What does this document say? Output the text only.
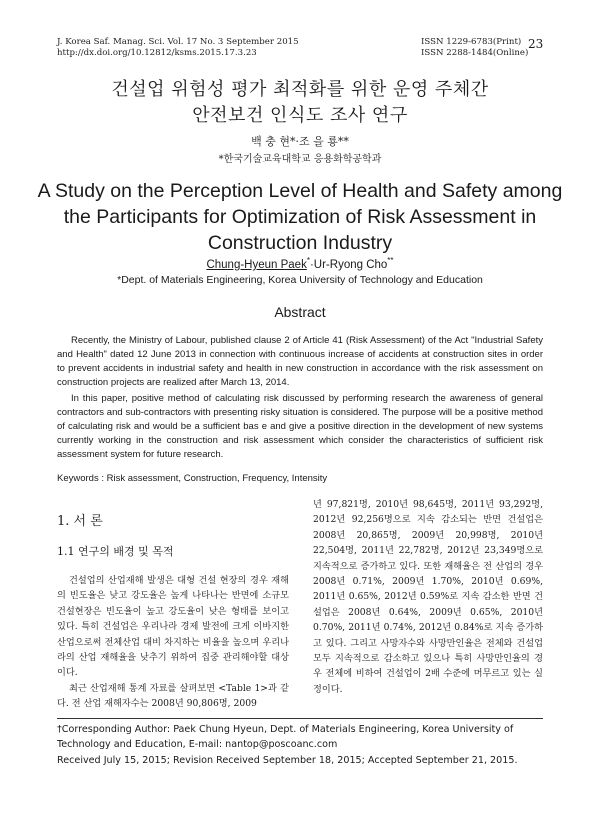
J. Korea Saf. Manag. Sci. Vol. 17 No. 3 September 2015
http://dx.doi.org/10.12812/ksms.2015.17.3.23
ISSN 1229-6783(Print)
ISSN 2288-1484(Online)
23
건설업 위험성 평가 최적화를 위한 운영 주체간
안전보건 인식도 조사 연구
백 충 현*·조 을 룡**
*한국기술교육대학교 응용화학공학과
A Study on the Perception Level of Health and Safety among
the Participants for Optimization of Risk Assessment in
Construction Industry
Chung-Hyeun Paek*·Ur-Ryong Cho**
*Dept. of Materials Engineering, Korea University of Technology and Education
Abstract

Recently, the Ministry of Labour, published clause 2 of Article 41 (Risk Assessment) of the Act "Industrial Safety and Health" dated 12 June 2013 in connection with continuous increase of accidents at construction sites in order to prevent accidents in industrial safety and health in new construction in accordance with the risk assessment on construction projects are realized after March 13, 2014.

In this paper, positive method of calculating risk discussed by performing research the awareness of general contractors and sub-contractors with presenting risky situation is considered. The purpose will be a positive method of calculating risk and would be a sufficient bas e and give a positive direction in the development of new systems currently working in the construction and risk assessment which consider the characteristics of sufficient risk assessment system for future research.

Keywords : Risk assessment, Construction, Frequency, Intensity
1. 서 론
1.1 연구의 배경 및 목적

건설업의 산업재해 발생은 대형 건설 현장의 경우 재해의 빈도율은 낮고 강도율은 높게 나타나는 반면에 소규모 건설현장은 빈도율이 높고 강도율이 낮은 형태를 보이고 있다. 특히 건설업은 우리나라 경제 발전에 크게 이바지한 산업으로써 전체산업 대비 차지하는 비율을 높으며 우리나라의 산업 재해율을 낮추기 위하여 집중 관리해야할 대상이다.

최근 산업재해 통계 자료를 살펴보면 <Table 1>과 같다. 전 산업 재해자수는 2008년 90,806명, 2009

년 97,821명, 2010년 98,645명, 2011년 93,292명, 2012년 92,256명으로 지속 감소되는 반면 건설업은 2008년 20,865명, 2009년 20,998명, 2010년 22,504명, 2011년 22,782명, 2012년 23,349명으로 지속적으로 증가하고 있다. 또한 재해율은 전 산업의 경우 2008년 0.71%, 2009년 1.70%, 2010년 0.69%, 2011년 0.65%, 2012년 0.59%로 지속 감소한 반면 건설업은 2008년 0.64%, 2009년 0.65%, 2010년 0.70%, 2011년 0.74%, 2012년 0.84%로 지속 증가하고 있다. 그리고 사망자수와 사망만인율은 전체와 건설업 모두 지속적으로 감소하고 있으나 특히 사망만인율의 경우 전체에 비하여 건설업이 2배 수준에 머무르고 있는 실정이다.

†Corresponding Author: Paek Chung Hyeun, Dept. of Materials Engineering, Korea University of Technology and Education, E-mail: nantop@poscoanc.com
Received July 15, 2015; Revision Received September 18, 2015; Accepted September 21, 2015.
